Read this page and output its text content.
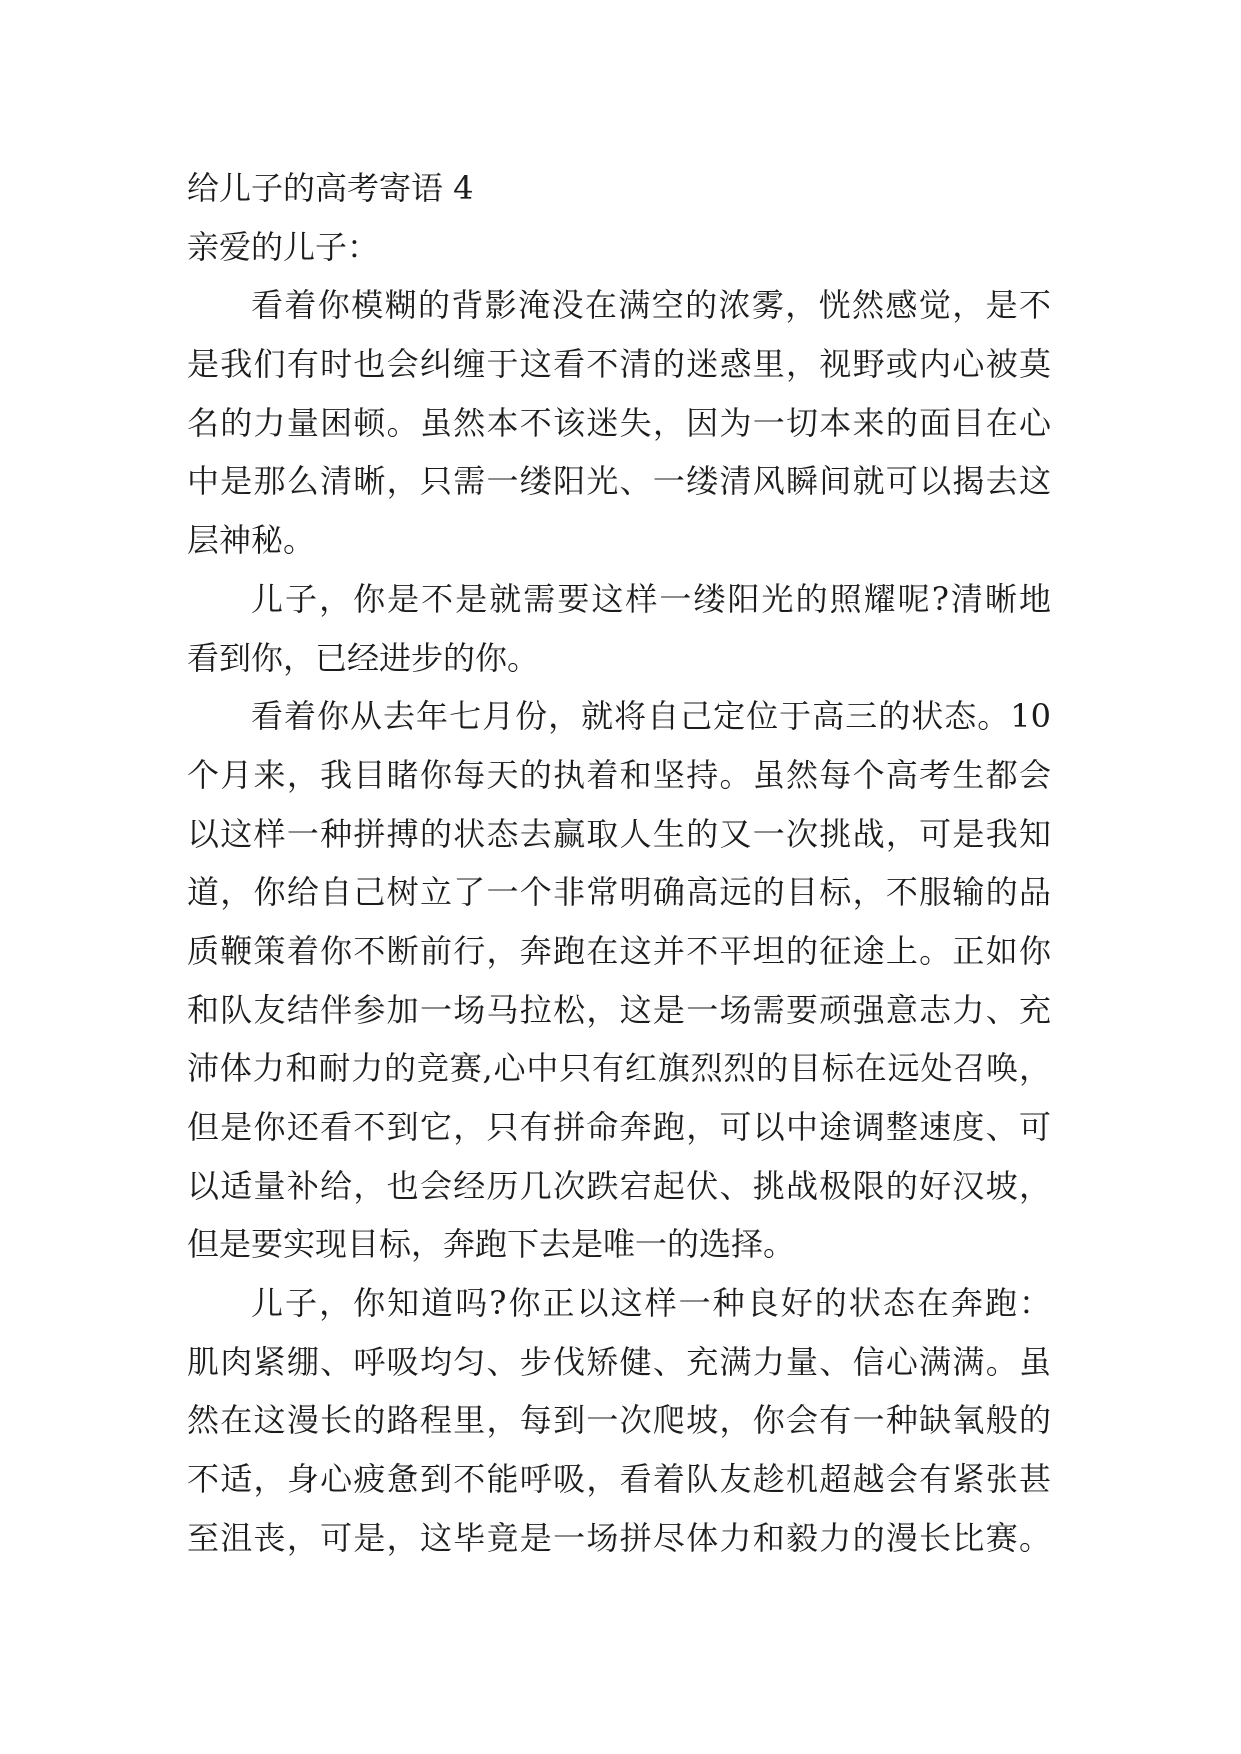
给儿子的高考寄语 4
亲爱的儿子：
看着你模糊的背影淹没在满空的浓雾，恍然感觉，是不
是我们有时也会纠缠于这看不清的迷惑里，视野或内心被莫
名的力量困顿。虽然本不该迷失，因为一切本来的面目在心
中是那么清晰，只需一缕阳光、一缕清风瞬间就可以揭去这
层神秘。
儿子，你是不是就需要这样一缕阳光的照耀呢?清晰地
看到你，已经进步的你。
看着你从去年七月份，就将自己定位于高三的状态。10
个月来，我目睹你每天的执着和坚持。虽然每个高考生都会
以这样一种拼搏的状态去赢取人生的又一次挑战，可是我知
道，你给自己树立了一个非常明确高远的目标，不服输的品
质鞭策着你不断前行，奔跑在这并不平坦的征途上。正如你
和队友结伴参加一场马拉松，这是一场需要顽强意志力、充
沛体力和耐力的竞赛,心中只有红旗烈烈的目标在远处召唤，
但是你还看不到它，只有拼命奔跑，可以中途调整速度、可
以适量补给，也会经历几次跌宕起伏、挑战极限的好汉坡，
但是要实现目标，奔跑下去是唯一的选择。
儿子，你知道吗?你正以这样一种良好的状态在奔跑：
肌肉紧绷、呼吸均匀、步伐矫健、充满力量、信心满满。虽
然在这漫长的路程里，每到一次爬坡，你会有一种缺氧般的
不适，身心疲惫到不能呼吸，看着队友趁机超越会有紧张甚
至沮丧，可是，这毕竟是一场拼尽体力和毅力的漫长比赛。
